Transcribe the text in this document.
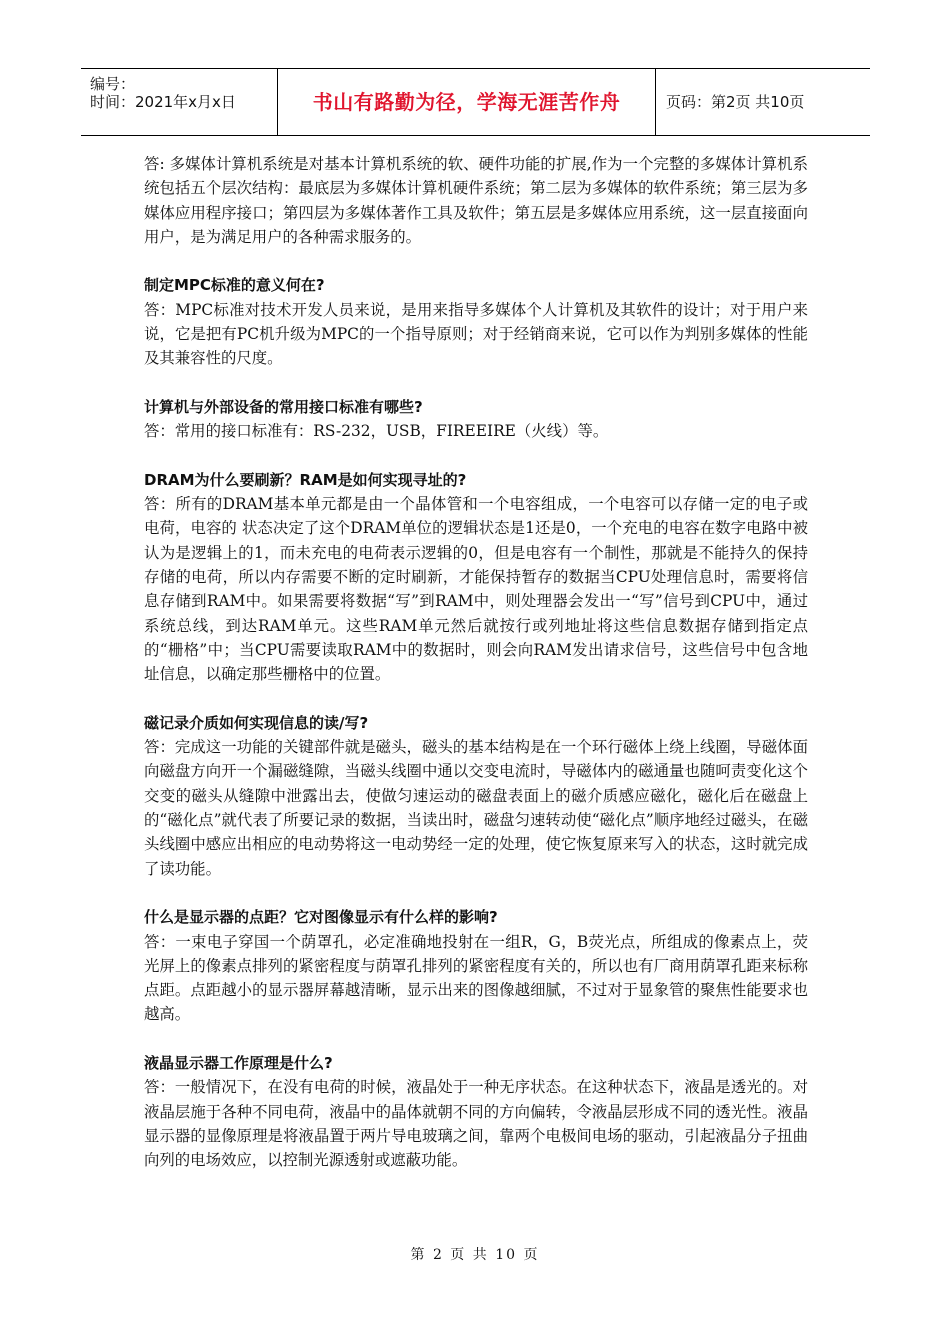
编号：
时间：2021年x月x日	书山有路勤为径，学海无涯苦作舟	页码：第2页 共10页

答: 多媒体计算机系统是对基本计算机系统的软、硬件功能的扩展,作为一个完整的多媒体计算机系统包括五个层次结构：最底层为多媒体计算机硬件系统；第二层为多媒体的软件系统；第三层为多媒体应用程序接口；第四层为多媒体著作工具及软件；第五层是多媒体应用系统，这一层直接面向用户，是为满足用户的各种需求服务的。

制定MPC标准的意义何在?

答：MPC标准对技术开发人员来说，是用来指导多媒体个人计算机及其软件的设计；对于用户来说，它是把有PC机升级为MPC的一个指导原则；对于经销商来说，它可以作为判别多媒体的性能及其兼容性的尺度。

计算机与外部设备的常用接口标准有哪些?

答：常用的接口标准有：RS-232，USB，FIREEIRE（火线）等。

DRAM为什么要刷新？RAM是如何实现寻址的?

答：所有的DRAM基本单元都是由一个晶体管和一个电容组成，一个电容可以存储一定的电子或电荷，电容的 状态决定了这个DRAM单位的逻辑状态是1还是0，一个充电的电容在数字电路中被认为是逻辑上的1，而未充电的电荷表示逻辑的0，但是电容有一个制性，那就是不能持久的保持存储的电荷，所以内存需要不断的定时刷新，才能保持暂存的数据当CPU处理信息时，需要将信息存储到RAM中。如果需要将数据“写”到RAM中，则处理器会发出一“写”信号到CPU中，通过系统总线，到达RAM单元。这些RAM单元然后就按行或列地址将这些信息数据存储到指定点的“栅格”中；当CPU需要读取RAM中的数据时，则会向RAM发出请求信号，这些信号中包含地址信息，以确定那些栅格中的位置。

磁记录介质如何实现信息的读/写?

答：完成这一功能的关键部件就是磁头，磁头的基本结构是在一个环行磁体上绕上线圈，导磁体面向磁盘方向开一个漏磁缝隙，当磁头线圈中通以交变电流时，导磁体内的磁通量也随呵责变化这个交变的磁头从缝隙中泄露出去，使做匀速运动的磁盘表面上的磁介质感应磁化，磁化后在磁盘上的“磁化点”就代表了所要记录的数据，当读出时，磁盘匀速转动使“磁化点”顺序地经过磁头，在磁头线圈中感应出相应的电动势将这一电动势经一定的处理，使它恢复原来写入的状态，这时就完成了读功能。

什么是显示器的点距？它对图像显示有什么样的影响?

答：一束电子穿国一个荫罩孔，必定准确地投射在一组R，G，B荧光点，所组成的像素点上，荧光屏上的像素点排列的紧密程度与荫罩孔排列的紧密程度有关的，所以也有厂商用荫罩孔距来标称点距。点距越小的显示器屏幕越清晰，显示出来的图像越细腻，不过对于显象管的聚焦性能要求也越高。

液晶显示器工作原理是什么?

答：一般情况下，在没有电荷的时候，液晶处于一种无序状态。在这种状态下，液晶是透光的。对液晶层施于各种不同电荷，液晶中的晶体就朝不同的方向偏转，令液晶层形成不同的透光性。液晶显示器的显像原理是将液晶置于两片导电玻璃之间，靠两个电极间电场的驱动，引起液晶分子扭曲向列的电场效应，以控制光源透射或遮蔽功能。

第 2 页 共 10 页
